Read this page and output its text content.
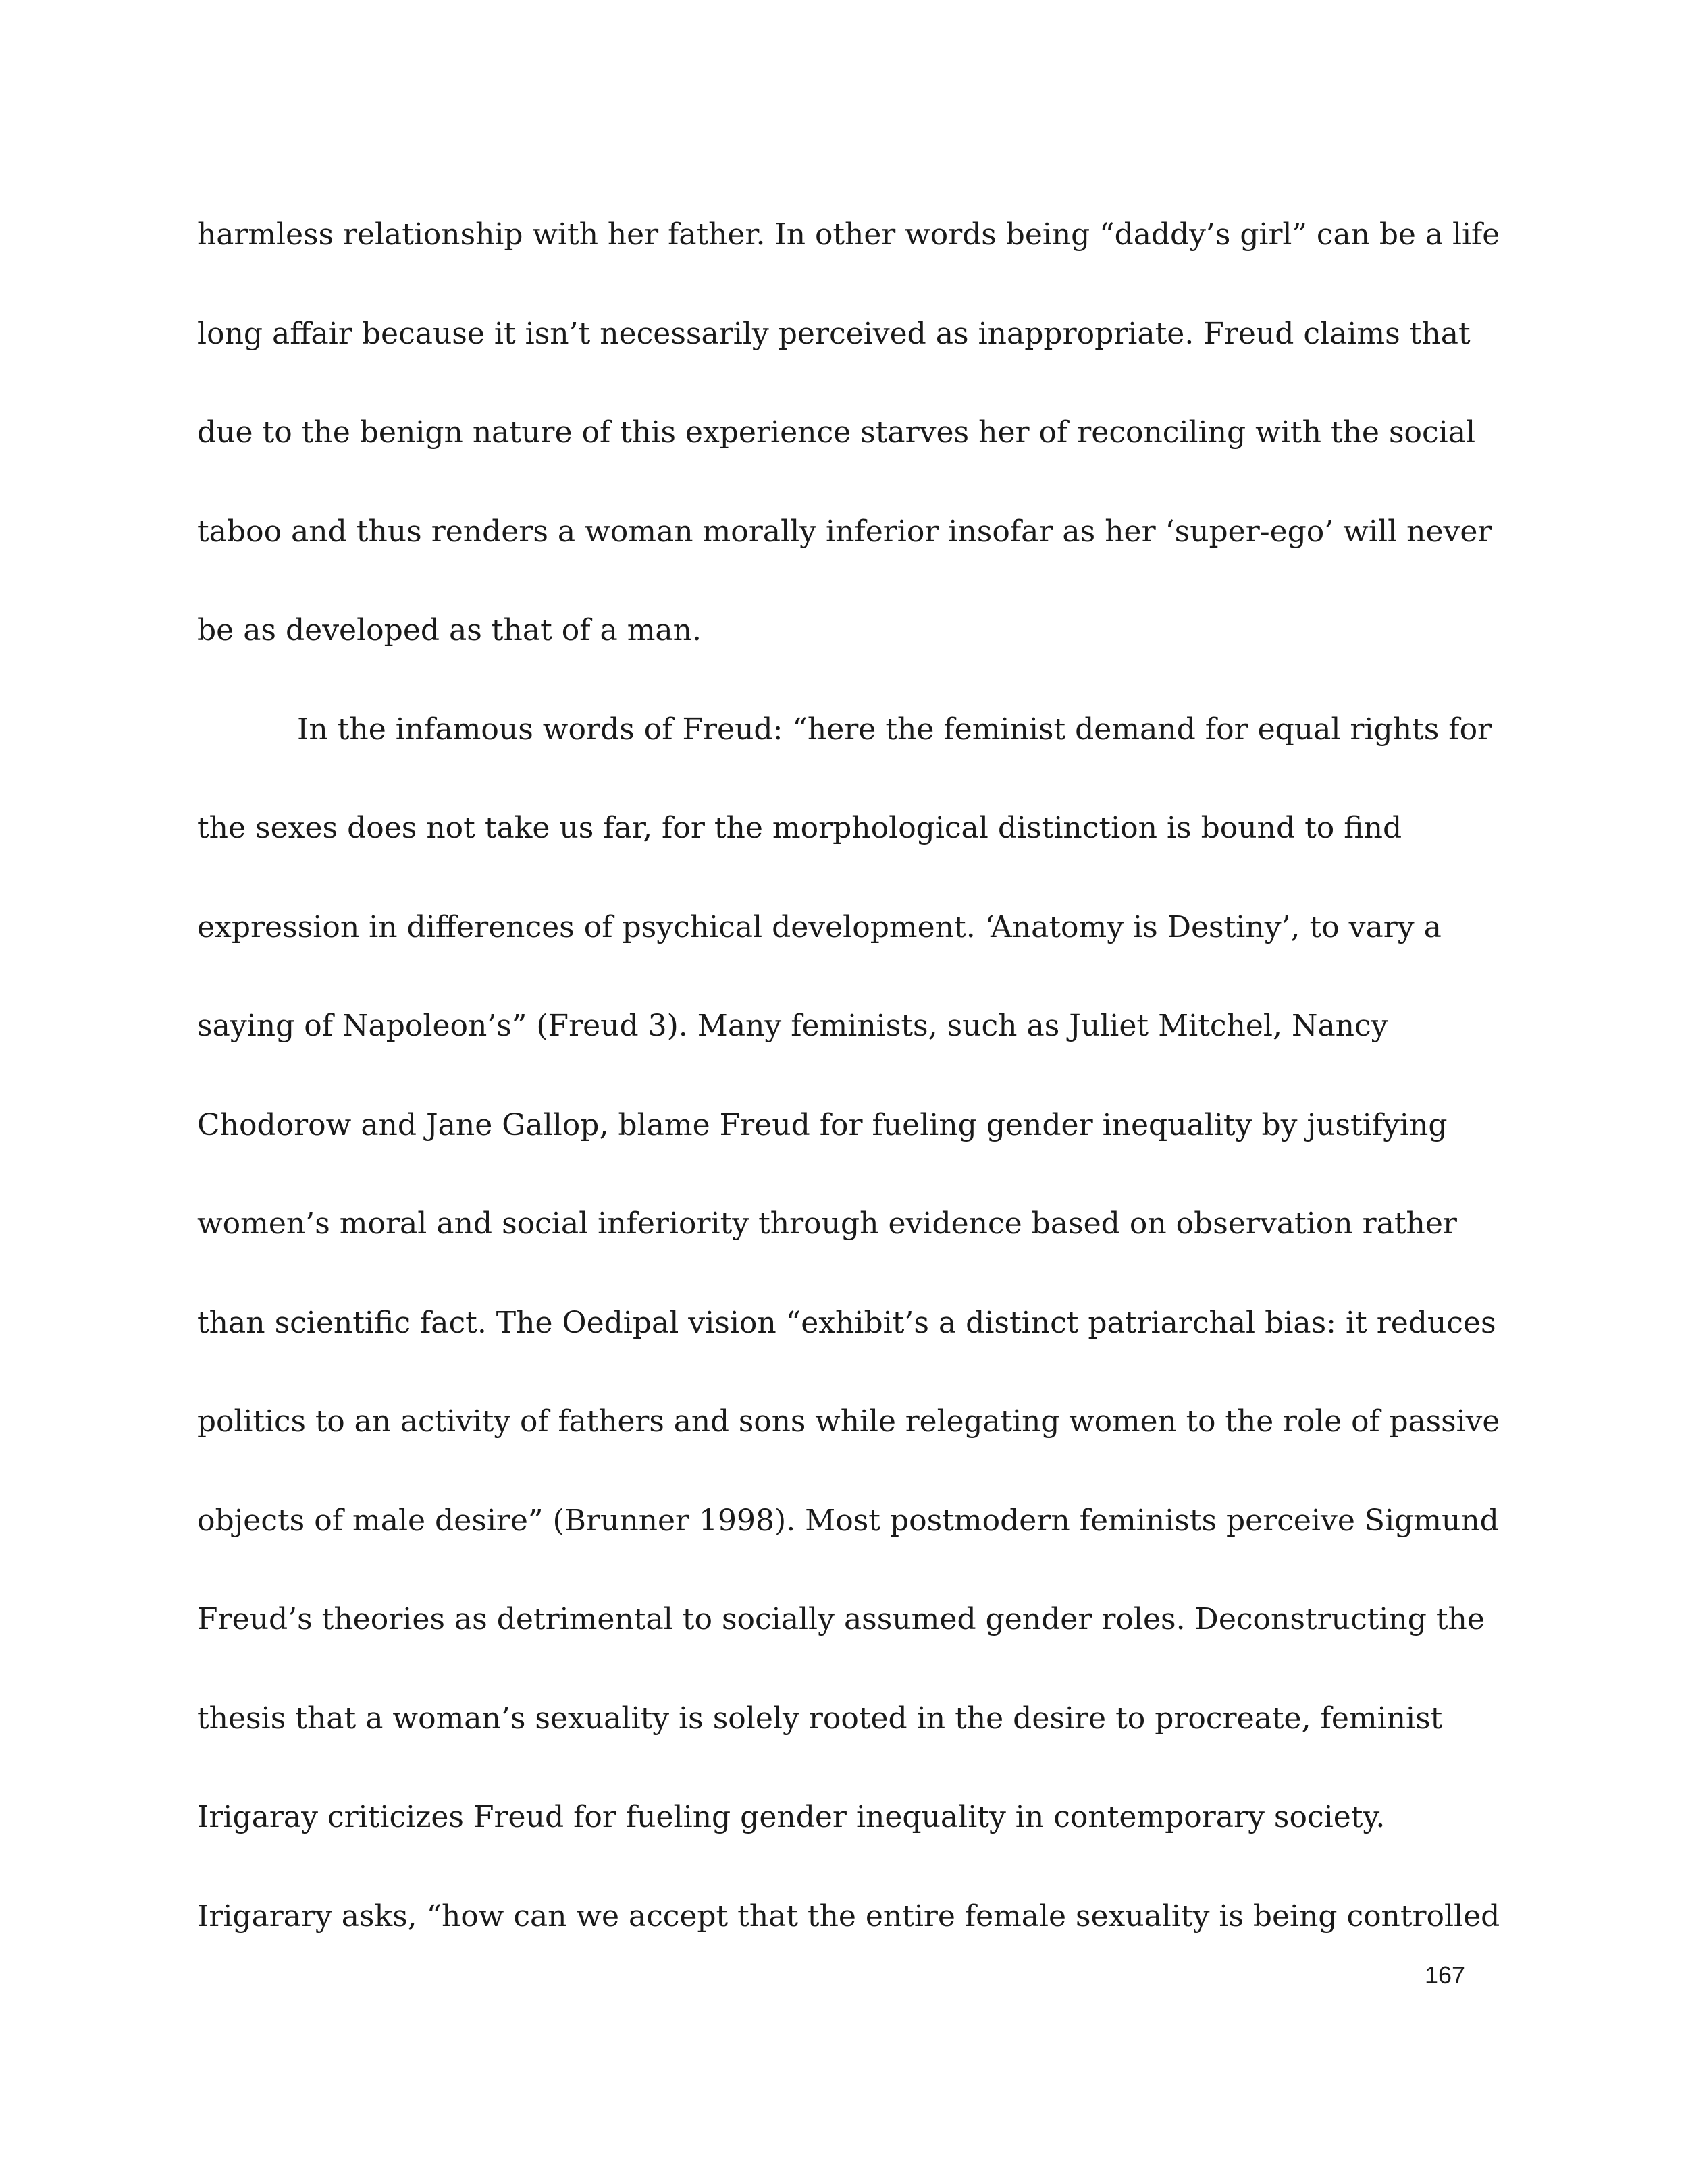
harmless relationship with her father. In other words being “daddy’s girl” can be a life
long affair because it isn’t necessarily perceived as inappropriate. Freud claims that
due to the benign nature of this experience starves her of reconciling with the social
taboo and thus renders a woman morally inferior insofar as her ‘super-ego’ will never
be as developed as that of a man.
In the infamous words of Freud: “here the feminist demand for equal rights for
the sexes does not take us far, for the morphological distinction is bound to find
expression in differences of psychical development. ‘Anatomy is Destiny’, to vary a
saying of Napoleon’s” (Freud 3). Many feminists, such as Juliet Mitchel, Nancy
Chodorow and Jane Gallop, blame Freud for fueling gender inequality by justifying
women’s moral and social inferiority through evidence based on observation rather
than scientific fact. The Oedipal vision “exhibit’s a distinct patriarchal bias: it reduces
politics to an activity of fathers and sons while relegating women to the role of passive
objects of male desire” (Brunner 1998). Most postmodern feminists perceive Sigmund
Freud’s theories as detrimental to socially assumed gender roles. Deconstructing the
thesis that a woman’s sexuality is solely rooted in the desire to procreate, feminist
Irigaray criticizes Freud for fueling gender inequality in contemporary society.
Irigarary asks, “how can we accept that the entire female sexuality is being controlled
167
